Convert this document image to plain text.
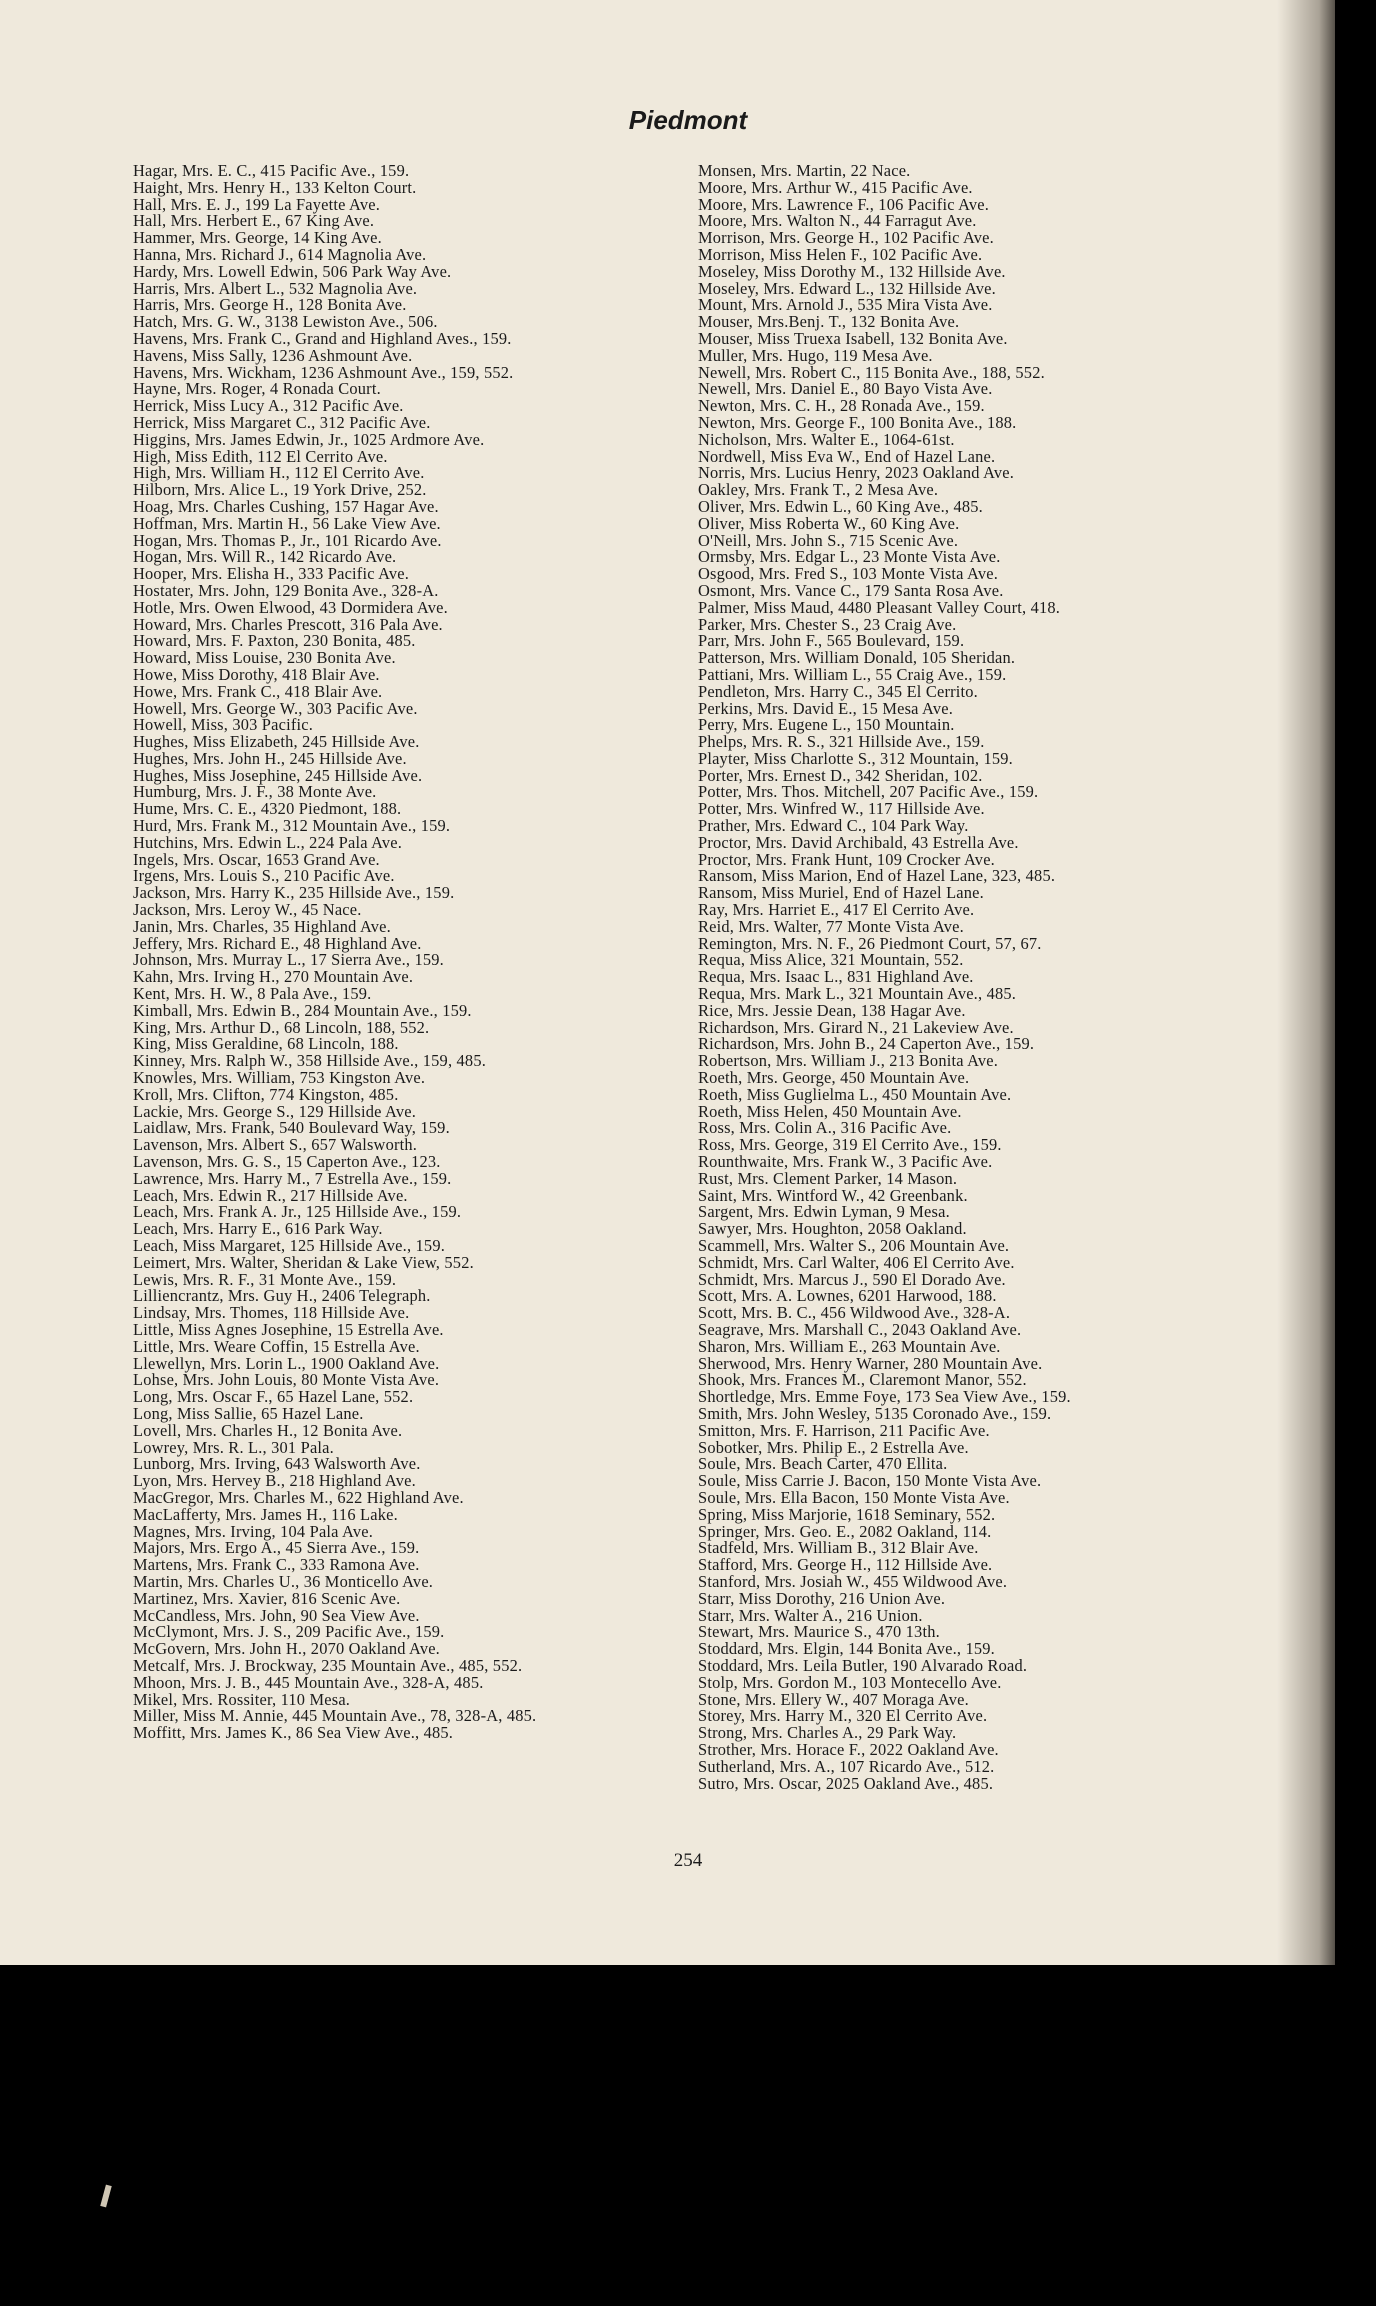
Piedmont
Hagar, Mrs. E. C., 415 Pacific Ave., 159.
Haight, Mrs. Henry H., 133 Kelton Court.
Hall, Mrs. E. J., 199 La Fayette Ave.
Hall, Mrs. Herbert E., 67 King Ave.
Hammer, Mrs. George, 14 King Ave.
Hanna, Mrs. Richard J., 614 Magnolia Ave.
Hardy, Mrs. Lowell Edwin, 506 Park Way Ave.
Harris, Mrs. Albert L., 532 Magnolia Ave.
Harris, Mrs. George H., 128 Bonita Ave.
Hatch, Mrs. G. W., 3138 Lewiston Ave., 506.
Havens, Mrs. Frank C., Grand and Highland Aves., 159.
Havens, Miss Sally, 1236 Ashmount Ave.
Havens, Mrs. Wickham, 1236 Ashmount Ave., 159, 552.
Hayne, Mrs. Roger, 4 Ronada Court.
Herrick, Miss Lucy A., 312 Pacific Ave.
Herrick, Miss Margaret C., 312 Pacific Ave.
Higgins, Mrs. James Edwin, Jr., 1025 Ardmore Ave.
High, Miss Edith, 112 El Cerrito Ave.
High, Mrs. William H., 112 El Cerrito Ave.
Hilborn, Mrs. Alice L., 19 York Drive, 252.
Hoag, Mrs. Charles Cushing, 157 Hagar Ave.
Hoffman, Mrs. Martin H., 56 Lake View Ave.
Hogan, Mrs. Thomas P., Jr., 101 Ricardo Ave.
Hogan, Mrs. Will R., 142 Ricardo Ave.
Hooper, Mrs. Elisha H., 333 Pacific Ave.
Hostater, Mrs. John, 129 Bonita Ave., 328-A.
Hotle, Mrs. Owen Elwood, 43 Dormidera Ave.
Howard, Mrs. Charles Prescott, 316 Pala Ave.
Howard, Mrs. F. Paxton, 230 Bonita, 485.
Howard, Miss Louise, 230 Bonita Ave.
Howe, Miss Dorothy, 418 Blair Ave.
Howe, Mrs. Frank C., 418 Blair Ave.
Howell, Mrs. George W., 303 Pacific Ave.
Howell, Miss, 303 Pacific.
Hughes, Miss Elizabeth, 245 Hillside Ave.
Hughes, Mrs. John H., 245 Hillside Ave.
Hughes, Miss Josephine, 245 Hillside Ave.
Humburg, Mrs. J. F., 38 Monte Ave.
Hume, Mrs. C. E., 4320 Piedmont, 188.
Hurd, Mrs. Frank M., 312 Mountain Ave., 159.
Hutchins, Mrs. Edwin L., 224 Pala Ave.
Ingels, Mrs. Oscar, 1653 Grand Ave.
Irgens, Mrs. Louis S., 210 Pacific Ave.
Jackson, Mrs. Harry K., 235 Hillside Ave., 159.
Jackson, Mrs. Leroy W., 45 Nace.
Janin, Mrs. Charles, 35 Highland Ave.
Jeffery, Mrs. Richard E., 48 Highland Ave.
Johnson, Mrs. Murray L., 17 Sierra Ave., 159.
Kahn, Mrs. Irving H., 270 Mountain Ave.
Kent, Mrs. H. W., 8 Pala Ave., 159.
Kimball, Mrs. Edwin B., 284 Mountain Ave., 159.
King, Mrs. Arthur D., 68 Lincoln, 188, 552.
King, Miss Geraldine, 68 Lincoln, 188.
Kinney, Mrs. Ralph W., 358 Hillside Ave., 159, 485.
Knowles, Mrs. William, 753 Kingston Ave.
Kroll, Mrs. Clifton, 774 Kingston, 485.
Lackie, Mrs. George S., 129 Hillside Ave.
Laidlaw, Mrs. Frank, 540 Boulevard Way, 159.
Lavenson, Mrs. Albert S., 657 Walsworth.
Lavenson, Mrs. G. S., 15 Caperton Ave., 123.
Lawrence, Mrs. Harry M., 7 Estrella Ave., 159.
Leach, Mrs. Edwin R., 217 Hillside Ave.
Leach, Mrs. Frank A. Jr., 125 Hillside Ave., 159.
Leach, Mrs. Harry E., 616 Park Way.
Leach, Miss Margaret, 125 Hillside Ave., 159.
Leimert, Mrs. Walter, Sheridan & Lake View, 552.
Lewis, Mrs. R. F., 31 Monte Ave., 159.
Lilliencrantz, Mrs. Guy H., 2406 Telegraph.
Lindsay, Mrs. Thomes, 118 Hillside Ave.
Little, Miss Agnes Josephine, 15 Estrella Ave.
Little, Mrs. Weare Coffin, 15 Estrella Ave.
Llewellyn, Mrs. Lorin L., 1900 Oakland Ave.
Lohse, Mrs. John Louis, 80 Monte Vista Ave.
Long, Mrs. Oscar F., 65 Hazel Lane, 552.
Long, Miss Sallie, 65 Hazel Lane.
Lovell, Mrs. Charles H., 12 Bonita Ave.
Lowrey, Mrs. R. L., 301 Pala.
Lunborg, Mrs. Irving, 643 Walsworth Ave.
Lyon, Mrs. Hervey B., 218 Highland Ave.
MacGregor, Mrs. Charles M., 622 Highland Ave.
MacLafferty, Mrs. James H., 116 Lake.
Magnes, Mrs. Irving, 104 Pala Ave.
Majors, Mrs. Ergo A., 45 Sierra Ave., 159.
Martens, Mrs. Frank C., 333 Ramona Ave.
Martin, Mrs. Charles U., 36 Monticello Ave.
Martinez, Mrs. Xavier, 816 Scenic Ave.
McCandless, Mrs. John, 90 Sea View Ave.
McClymont, Mrs. J. S., 209 Pacific Ave., 159.
McGovern, Mrs. John H., 2070 Oakland Ave.
Metcalf, Mrs. J. Brockway, 235 Mountain Ave., 485, 552.
Mhoon, Mrs. J. B., 445 Mountain Ave., 328-A, 485.
Mikel, Mrs. Rossiter, 110 Mesa.
Miller, Miss M. Annie, 445 Mountain Ave., 78, 328-A, 485.
Moffitt, Mrs. James K., 86 Sea View Ave., 485.
Monsen, Mrs. Martin, 22 Nace.
Moore, Mrs. Arthur W., 415 Pacific Ave.
Moore, Mrs. Lawrence F., 106 Pacific Ave.
Moore, Mrs. Walton N., 44 Farragut Ave.
Morrison, Mrs. George H., 102 Pacific Ave.
Morrison, Miss Helen F., 102 Pacific Ave.
Moseley, Miss Dorothy M., 132 Hillside Ave.
Moseley, Mrs. Edward L., 132 Hillside Ave.
Mount, Mrs. Arnold J., 535 Mira Vista Ave.
Mouser, Mrs.Benj. T., 132 Bonita Ave.
Mouser, Miss Truexa Isabell, 132 Bonita Ave.
Muller, Mrs. Hugo, 119 Mesa Ave.
Newell, Mrs. Robert C., 115 Bonita Ave., 188, 552.
Newell, Mrs. Daniel E., 80 Bayo Vista Ave.
Newton, Mrs. C. H., 28 Ronada Ave., 159.
Newton, Mrs. George F., 100 Bonita Ave., 188.
Nicholson, Mrs. Walter E., 1064-61st.
Nordwell, Miss Eva W., End of Hazel Lane.
Norris, Mrs. Lucius Henry, 2023 Oakland Ave.
Oakley, Mrs. Frank T., 2 Mesa Ave.
Oliver, Mrs. Edwin L., 60 King Ave., 485.
Oliver, Miss Roberta W., 60 King Ave.
O'Neill, Mrs. John S., 715 Scenic Ave.
Ormsby, Mrs. Edgar L., 23 Monte Vista Ave.
Osgood, Mrs. Fred S., 103 Monte Vista Ave.
Osmont, Mrs. Vance C., 179 Santa Rosa Ave.
Palmer, Miss Maud, 4480 Pleasant Valley Court, 418.
Parker, Mrs. Chester S., 23 Craig Ave.
Parr, Mrs. John F., 565 Boulevard, 159.
Patterson, Mrs. William Donald, 105 Sheridan.
Pattiani, Mrs. William L., 55 Craig Ave., 159.
Pendleton, Mrs. Harry C., 345 El Cerrito.
Perkins, Mrs. David E., 15 Mesa Ave.
Perry, Mrs. Eugene L., 150 Mountain.
Phelps, Mrs. R. S., 321 Hillside Ave., 159.
Playter, Miss Charlotte S., 312 Mountain, 159.
Porter, Mrs. Ernest D., 342 Sheridan, 102.
Potter, Mrs. Thos. Mitchell, 207 Pacific Ave., 159.
Potter, Mrs. Winfred W., 117 Hillside Ave.
Prather, Mrs. Edward C., 104 Park Way.
Proctor, Mrs. David Archibald, 43 Estrella Ave.
Proctor, Mrs. Frank Hunt, 109 Crocker Ave.
Ransom, Miss Marion, End of Hazel Lane, 323, 485.
Ransom, Miss Muriel, End of Hazel Lane.
Ray, Mrs. Harriet E., 417 El Cerrito Ave.
Reid, Mrs. Walter, 77 Monte Vista Ave.
Remington, Mrs. N. F., 26 Piedmont Court, 57, 67.
Requa, Miss Alice, 321 Mountain, 552.
Requa, Mrs. Isaac L., 831 Highland Ave.
Requa, Mrs. Mark L., 321 Mountain Ave., 485.
Rice, Mrs. Jessie Dean, 138 Hagar Ave.
Richardson, Mrs. Girard N., 21 Lakeview Ave.
Richardson, Mrs. John B., 24 Caperton Ave., 159.
Robertson, Mrs. William J., 213 Bonita Ave.
Roeth, Mrs. George, 450 Mountain Ave.
Roeth, Miss Guglielma L., 450 Mountain Ave.
Roeth, Miss Helen, 450 Mountain Ave.
Ross, Mrs. Colin A., 316 Pacific Ave.
Ross, Mrs. George, 319 El Cerrito Ave., 159.
Rounthwaite, Mrs. Frank W., 3 Pacific Ave.
Rust, Mrs. Clement Parker, 14 Mason.
Saint, Mrs. Wintford W., 42 Greenbank.
Sargent, Mrs. Edwin Lyman, 9 Mesa.
Sawyer, Mrs. Houghton, 2058 Oakland.
Scammell, Mrs. Walter S., 206 Mountain Ave.
Schmidt, Mrs. Carl Walter, 406 El Cerrito Ave.
Schmidt, Mrs. Marcus J., 590 El Dorado Ave.
Scott, Mrs. A. Lownes, 6201 Harwood, 188.
Scott, Mrs. B. C., 456 Wildwood Ave., 328-A.
Seagrave, Mrs. Marshall C., 2043 Oakland Ave.
Sharon, Mrs. William E., 263 Mountain Ave.
Sherwood, Mrs. Henry Warner, 280 Mountain Ave.
Shook, Mrs. Frances M., Claremont Manor, 552.
Shortledge, Mrs. Emme Foye, 173 Sea View Ave., 159.
Smith, Mrs. John Wesley, 5135 Coronado Ave., 159.
Smitton, Mrs. F. Harrison, 211 Pacific Ave.
Sobotker, Mrs. Philip E., 2 Estrella Ave.
Soule, Mrs. Beach Carter, 470 Ellita.
Soule, Miss Carrie J. Bacon, 150 Monte Vista Ave.
Soule, Mrs. Ella Bacon, 150 Monte Vista Ave.
Spring, Miss Marjorie, 1618 Seminary, 552.
Springer, Mrs. Geo. E., 2082 Oakland, 114.
Stadfeld, Mrs. William B., 312 Blair Ave.
Stafford, Mrs. George H., 112 Hillside Ave.
Stanford, Mrs. Josiah W., 455 Wildwood Ave.
Starr, Miss Dorothy, 216 Union Ave.
Starr, Mrs. Walter A., 216 Union.
Stewart, Mrs. Maurice S., 470 13th.
Stoddard, Mrs. Elgin, 144 Bonita Ave., 159.
Stoddard, Mrs. Leila Butler, 190 Alvarado Road.
Stolp, Mrs. Gordon M., 103 Montecello Ave.
Stone, Mrs. Ellery W., 407 Moraga Ave.
Storey, Mrs. Harry M., 320 El Cerrito Ave.
Strong, Mrs. Charles A., 29 Park Way.
Strother, Mrs. Horace F., 2022 Oakland Ave.
Sutherland, Mrs. A., 107 Ricardo Ave., 512.
Sutro, Mrs. Oscar, 2025 Oakland Ave., 485.

254
